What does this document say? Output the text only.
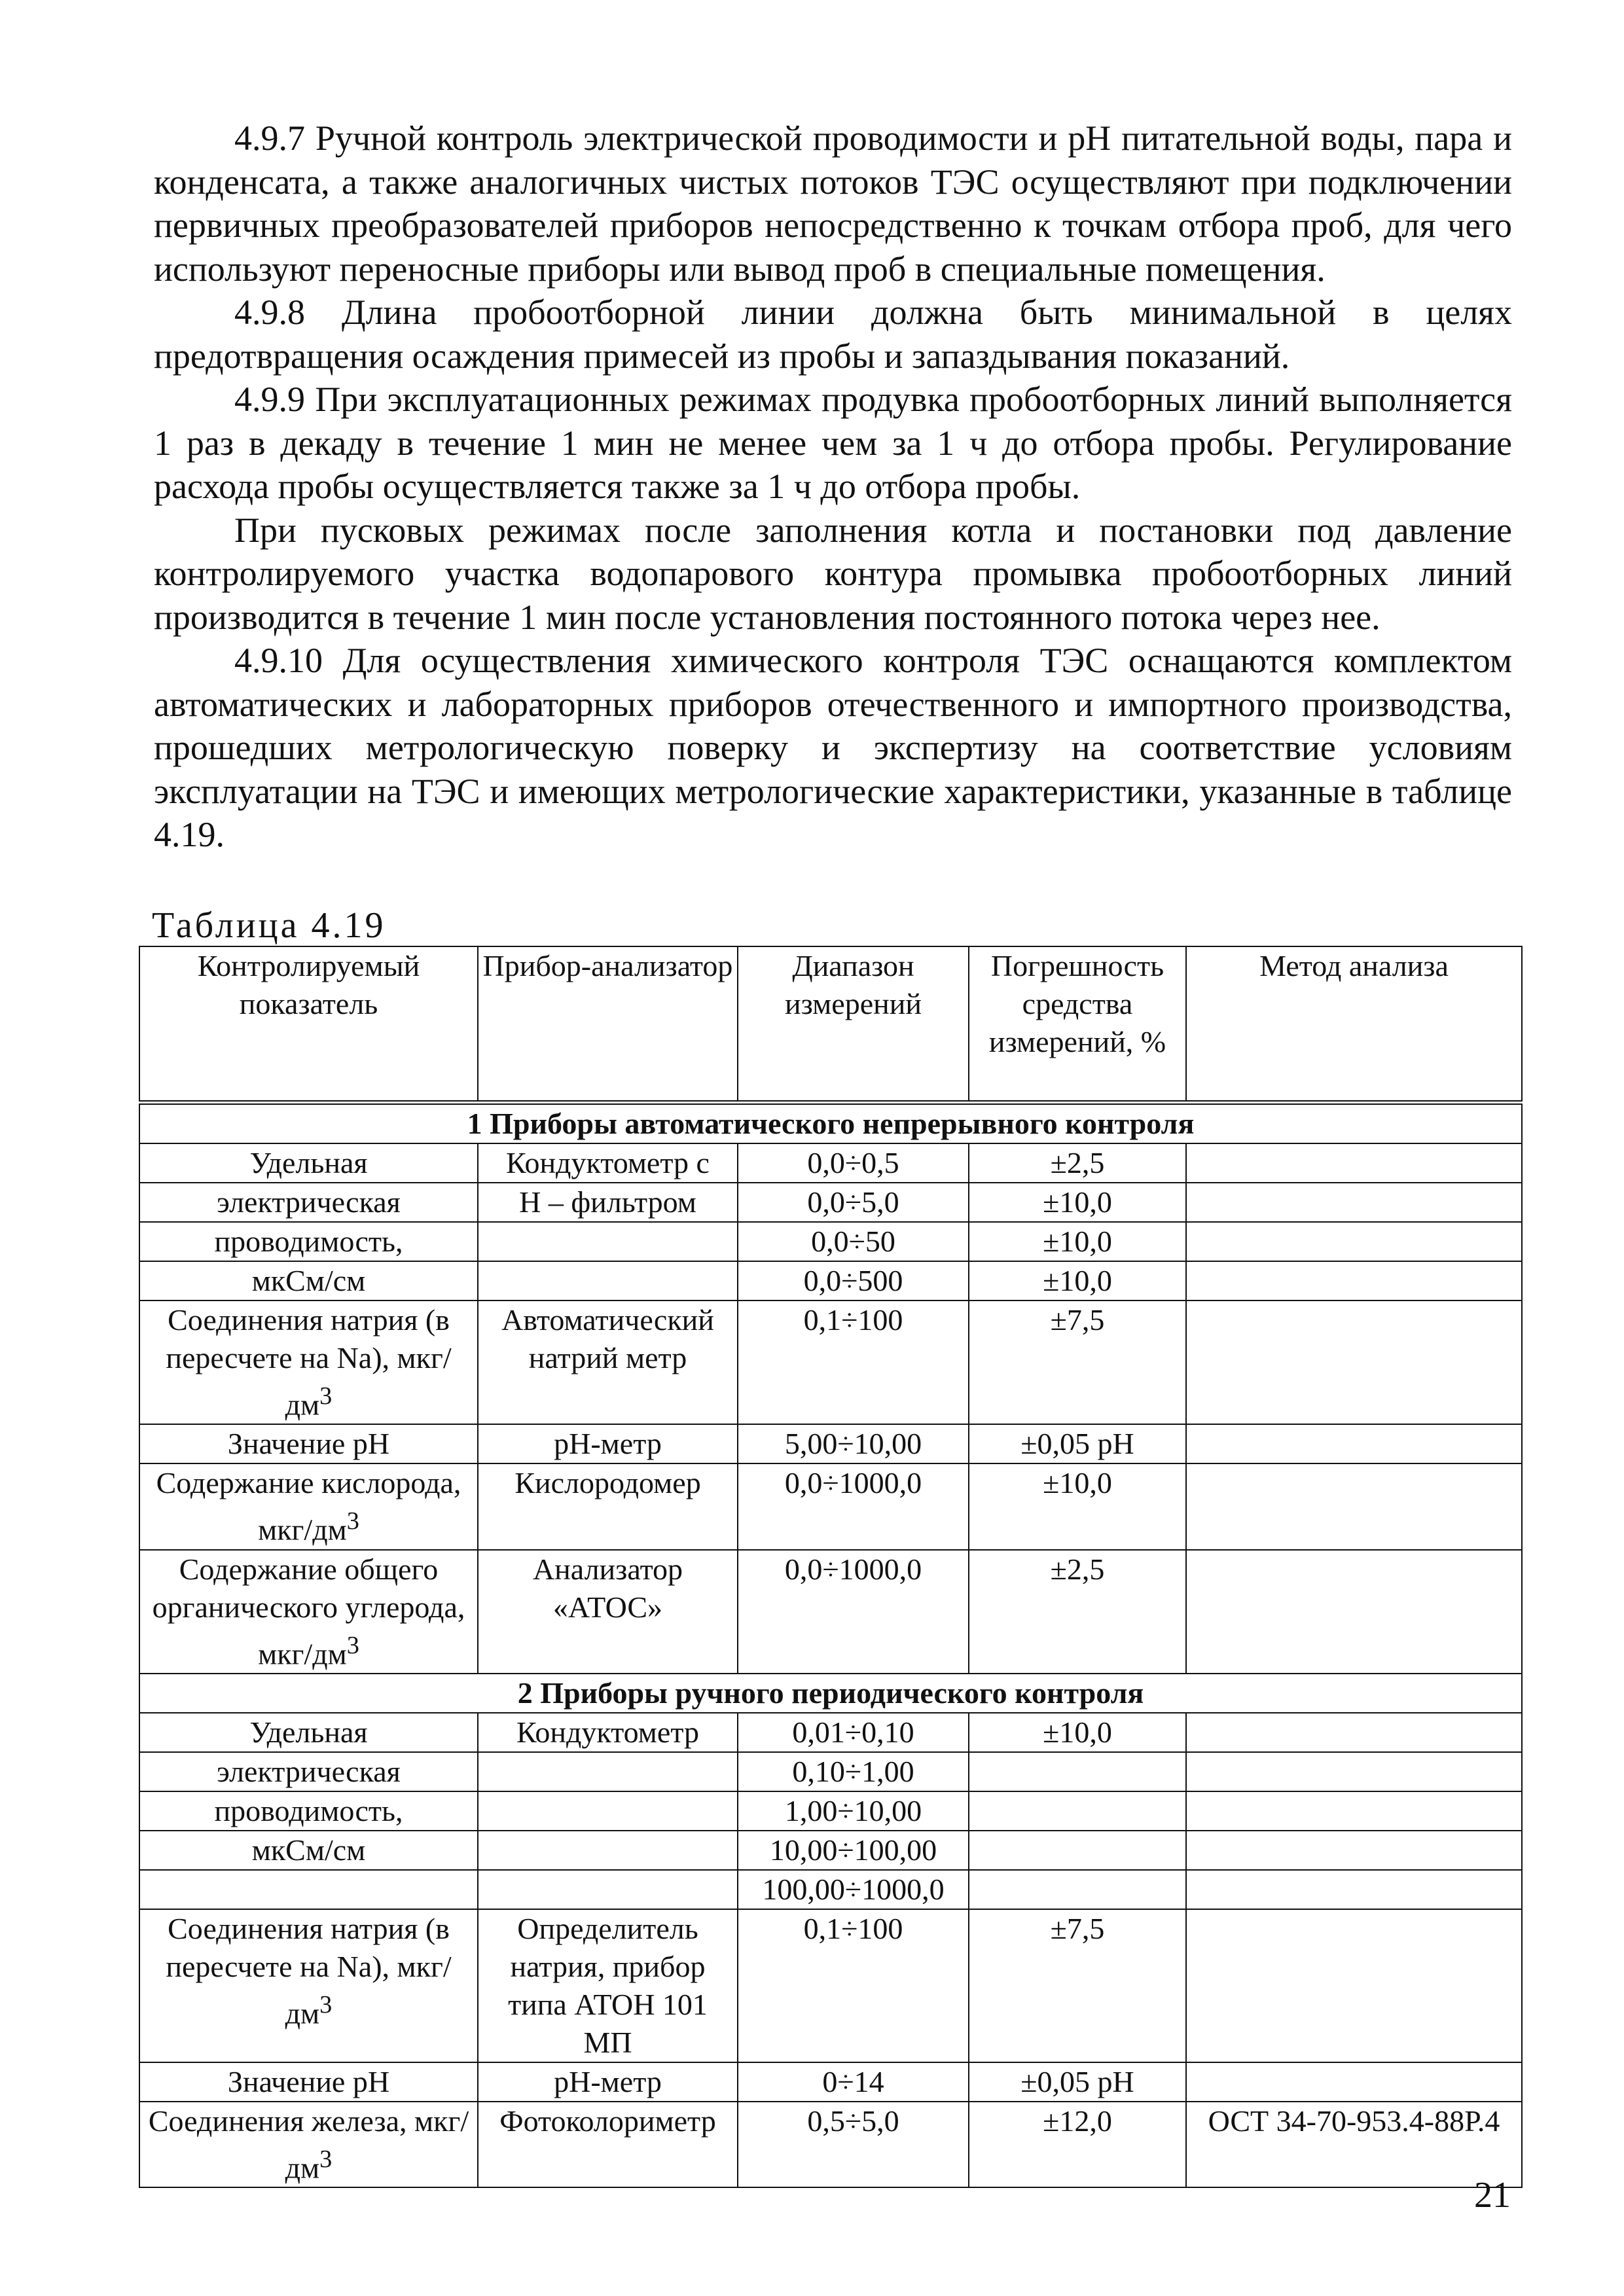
4.9.7 Ручной контроль электрической проводимости и рН питательной воды, пара и конденсата, а также аналогичных чистых потоков ТЭС осуществляют при подключении первичных преобразователей приборов непосредственно к точкам отбора проб, для чего используют переносные приборы или вывод проб в специальные помещения.

4.9.8 Длина пробоотборной линии должна быть минимальной в целях предотвращения осаждения примесей из пробы и запаздывания показаний.

4.9.9 При эксплуатационных режимах продувка пробоотборных линий выполняется 1 раз в декаду в течение 1 мин не менее чем за 1 ч до отбора пробы. Регулирование расхода пробы осуществляется также за 1 ч до отбора пробы.

При пусковых режимах после заполнения котла и постановки под давление контролируемого участка водопарового контура промывка пробоотборных линий производится в течение 1 мин после установления постоянного потока через нее.

4.9.10 Для осуществления химического контроля ТЭС оснащаются комплектом автоматических и лабораторных приборов отечественного и импортного производства, прошедших метрологическую поверку и экспертизу на соответствие условиям эксплуатации на ТЭС и имеющих метрологические характеристики, указанные в таблице 4.19.

Таблица 4.19
Контролируемый показатель	Прибор-анализатор	Диапазон измерений	Погрешность средства измерений, %	Метод анализа
1 Приборы автоматического непрерывного контроля				
Удельная	Кондуктометр с	0,0÷0,5	±2,5	
электрическая	Н – фильтром	0,0÷5,0	±10,0	
проводимость,		0,0÷50	±10,0	
мкСм/см		0,0÷500	±10,0	
Соединения натрия (в пересчете на Na), мкг/$дм^3$	Автоматический натрий метр	0,1÷100	±7,5	
Значение рН	рН-метр	5,00÷10,00	±0,05 рН	
Содержание кислорода, мкг/$дм^3$	Кислородомер	0,0÷1000,0	±10,0	
Содержание общего органического углерода, мкг/$дм^3$	Анализатор «АТОС»	0,0÷1000,0	±2,5	
2 Приборы ручного периодического контроля				
Удельная	Кондуктометр	0,01÷0,10	±10,0	
электрическая		0,10÷1,00		
проводимость,		1,00÷10,00		
мкСм/см		10,00÷100,00		
		100,00÷1000,0		
Соединения натрия (в пересчете на Na), мкг/$дм^3$	Определитель натрия, прибор типа АТОН 101 МП	0,1÷100	±7,5	
Значение рН	рН-метр	0÷14	±0,05 рН	
Соединения железа, мкг/$дм^3$	Фотоколориметр	0,5÷5,0	±12,0	ОСТ 34-70-953.4-88Р.4
21
